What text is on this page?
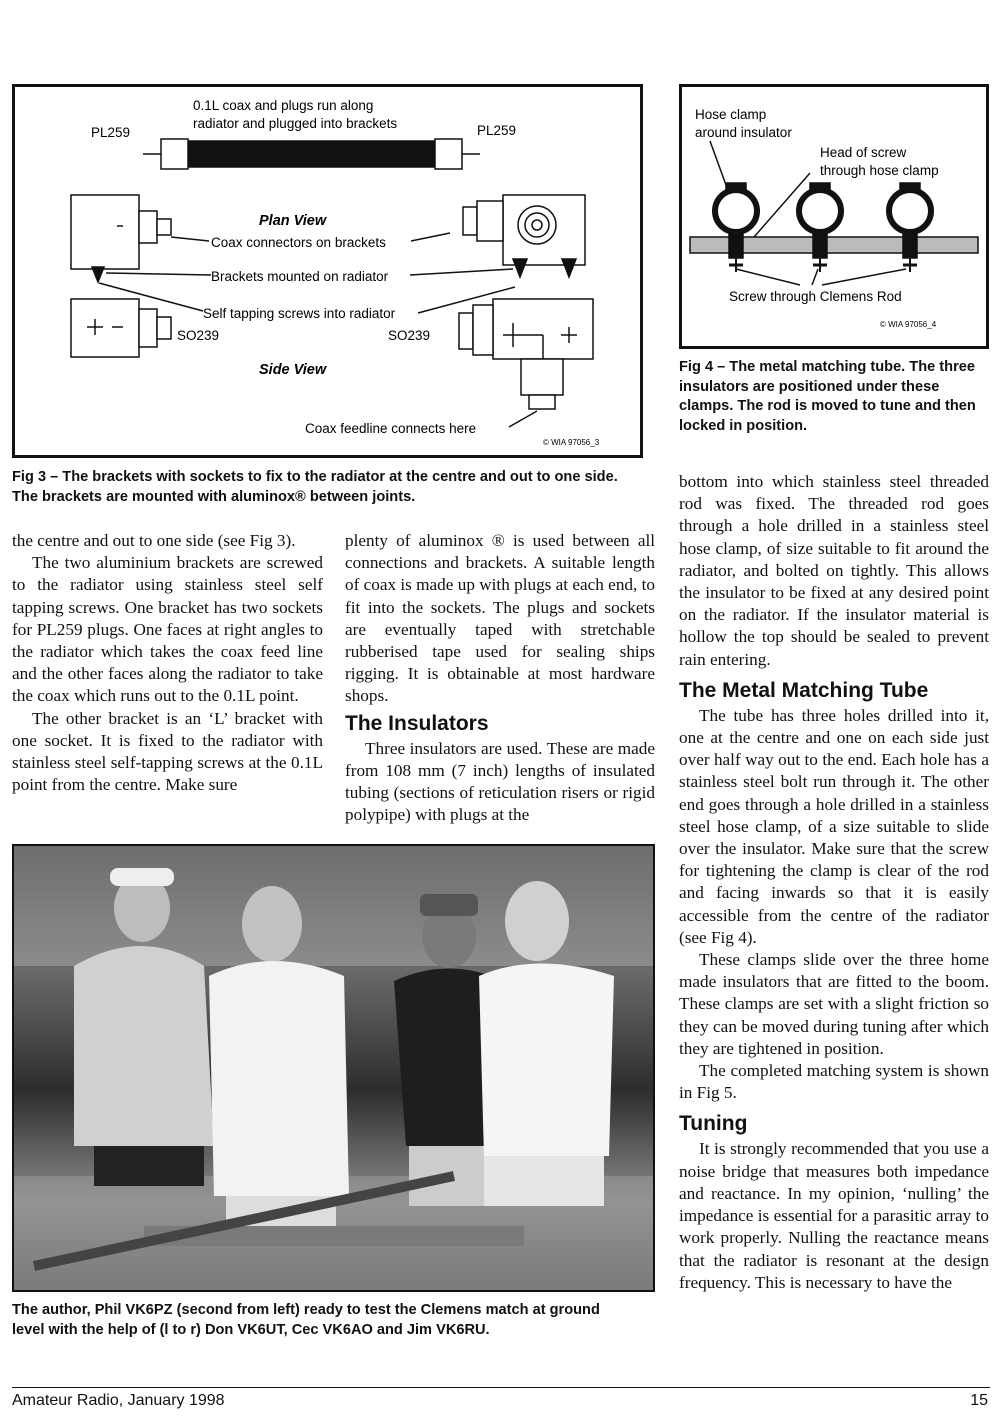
0.1L coax and plugs run along
radiator and plugged into brackets
PL259	PL259
Plan View
Coax connectors on brackets
Brackets mounted on radiator
Self tapping screws into radiator
SO239	SO239
Side View
Coax feedline connects here
© WIA 97056_3
Fig 3 – The brackets with sockets to fix to the radiator at the centre and out to one side. The brackets are mounted with aluminox® between joints.
Hose clamp
around insulator
Head of screw
through hose clamp
Screw through Clemens Rod
© WIA 97056_4
Fig 4 – The metal matching tube. The three insulators are positioned under these clamps. The rod is moved to tune and then locked in position.

the centre and out to one side (see Fig 3).

The two aluminium brackets are screwed to the radiator using stainless steel self tapping screws. One bracket has two sockets for PL259 plugs. One faces at right angles to the radiator which takes the coax feed line and the other faces along the radiator to take the coax which runs out to the 0.1L point.

The other bracket is an ‘L’ bracket with one socket. It is fixed to the radiator with stainless steel self-tapping screws at the 0.1L point from the centre. Make sure

plenty of aluminox ® is used between all connections and brackets. A suitable length of coax is made up with plugs at each end, to fit into the sockets. The plugs and sockets are eventually taped with stretchable rubberised tape used for sealing ships rigging. It is obtainable at most hardware shops.

The Insulators

Three insulators are used. These are made from 108 mm (7 inch) lengths of insulated tubing (sections of reticulation risers or rigid polypipe) with plugs at the

bottom into which stainless steel threaded rod was fixed. The threaded rod goes through a hole drilled in a stainless steel hose clamp, of size suitable to fit around the radiator, and bolted on tightly. This allows the insulator to be fixed at any desired point on the radiator. If the insulator material is hollow the top should be sealed to prevent rain entering.

The Metal Matching Tube

The tube has three holes drilled into it, one at the centre and one on each side just over half way out to the end. Each hole has a stainless steel bolt run through it. The other end goes through a hole drilled in a stainless steel hose clamp, of a size suitable to slide over the insulator. Make sure that the screw for tightening the clamp is clear of the rod and facing inwards so that it is easily accessible from the centre of the radiator (see Fig 4).

These clamps slide over the three home made insulators that are fitted to the boom. These clamps are set with a slight friction so they can be moved during tuning after which they are tightened in position.

The completed matching system is shown in Fig 5.

Tuning

It is strongly recommended that you use a noise bridge that measures both impedance and reactance. In my opinion, ‘nulling’ the impedance is essential for a parasitic array to work properly. Nulling the reactance means that the radiator is resonant at the design frequency. This is necessary to have the

The author, Phil VK6PZ (second from left) ready to test the Clemens match at ground level with the help of (l to r) Don VK6UT, Cec VK6AO and Jim VK6RU.
Amateur Radio, January 1998	15
